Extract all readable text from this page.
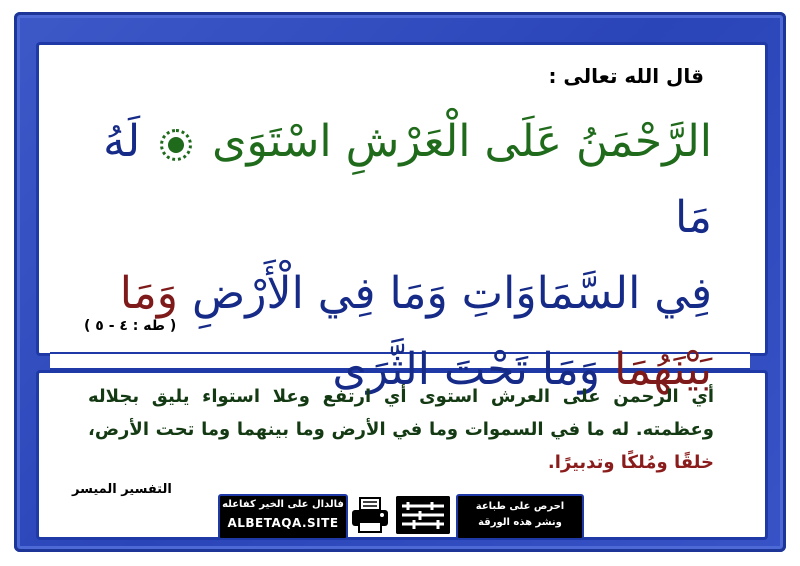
قال الله تعالى :
الرَّحْمَنُ عَلَى الْعَرْشِ اسْتَوَى  لَهُ مَا
فِي السَّمَاوَاتِ وَمَا فِي الْأَرْضِ وَمَا
بَيْنَهُمَا وَمَا تَحْتَ الثَّرَى
( طه : ٤ - ٥ )
أي الرحمن على العرش استوى أي ارتفع وعلا استواء يليق بجلاله وعظمته. له ما في السموات وما في الأرض وما بينهما وما تحت الأرض، خلقًا ومُلكًا وتدبيرًا.
التفسير الميسر
فالدال على الخير كفاعله
ALBETAQA.SITE
احرص على طباعة
ونشر هذه الورقة
